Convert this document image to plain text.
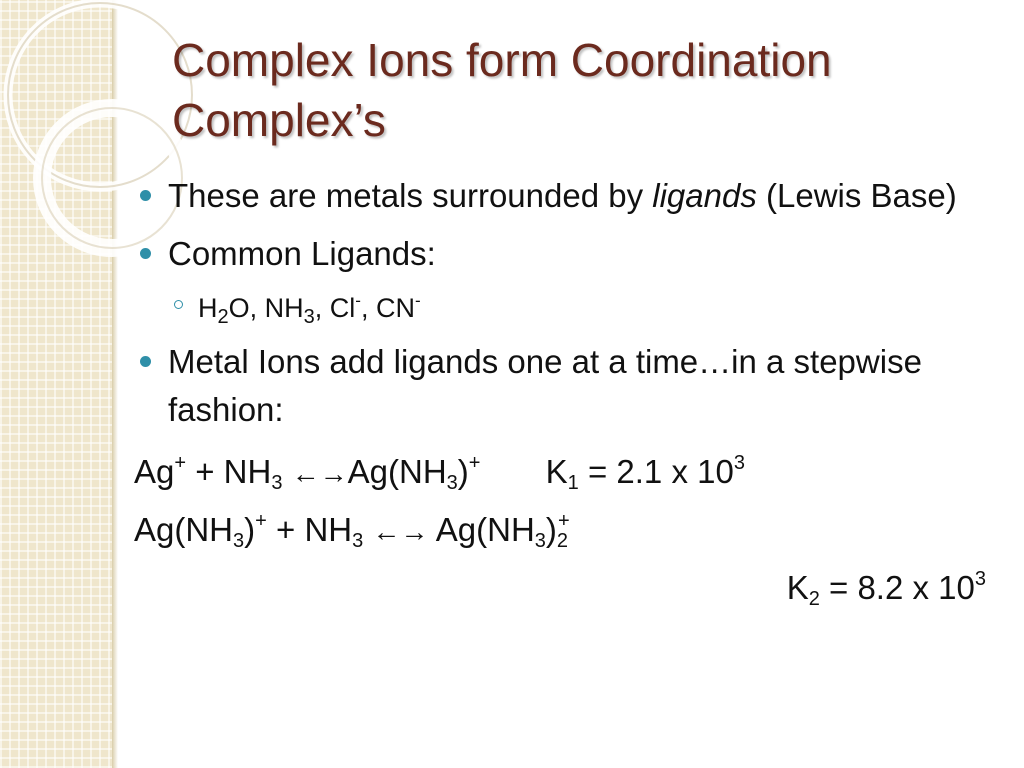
Complex Ions form Coordination
Complex’s

These are metals surrounded by ligands (Lewis Base)

Common Ligands:

$H_2O$, $NH_3$, Cl-, CN-

Metal Ions add ligands one at a time…in a stepwise fashion:

$Ag^+ + NH_3$ $\leftarrow\to Ag(NH_3)^+$ $K_1 = 2.1$ x $10^3$
$Ag(NH_3)^+ + NH_3$ ←→ $Ag(NH_3)_2^+$
$K_2 = 8.2$ x $10^3$
